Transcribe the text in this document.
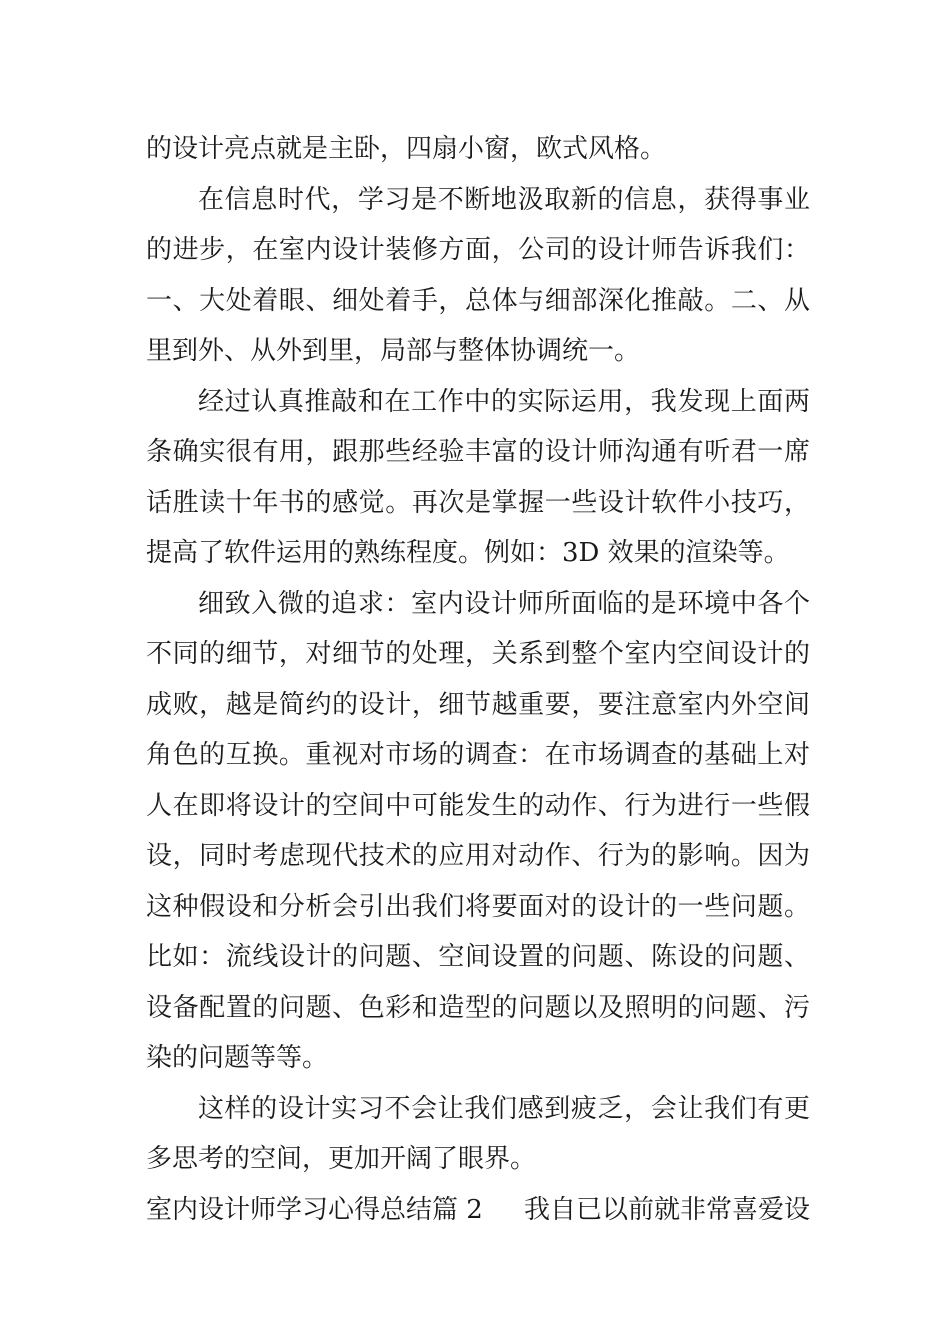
的设计亮点就是主卧，四扇小窗，欧式风格。
在信息时代，学习是不断地汲取新的信息，获得事业
的进步，在室内设计装修方面，公司的设计师告诉我们：
一、大处着眼、细处着手，总体与细部深化推敲。二、从
里到外、从外到里，局部与整体协调统一。
经过认真推敲和在工作中的实际运用，我发现上面两
条确实很有用，跟那些经验丰富的设计师沟通有听君一席
话胜读十年书的感觉。再次是掌握一些设计软件小技巧，
提高了软件运用的熟练程度。例如：3D 效果的渲染等。
细致入微的追求：室内设计师所面临的是环境中各个
不同的细节，对细节的处理，关系到整个室内空间设计的
成败，越是简约的设计，细节越重要，要注意室内外空间
角色的互换。重视对市场的调查：在市场调查的基础上对
人在即将设计的空间中可能发生的动作、行为进行一些假
设，同时考虑现代技术的应用对动作、行为的影响。因为
这种假设和分析会引出我们将要面对的设计的一些问题。
比如：流线设计的问题、空间设置的问题、陈设的问题、
设备配置的问题、色彩和造型的问题以及照明的问题、污
染的问题等等。
这样的设计实习不会让我们感到疲乏，会让我们有更
多思考的空间，更加开阔了眼界。
室内设计师学习心得总结篇 2 我自已以前就非常喜爱设
